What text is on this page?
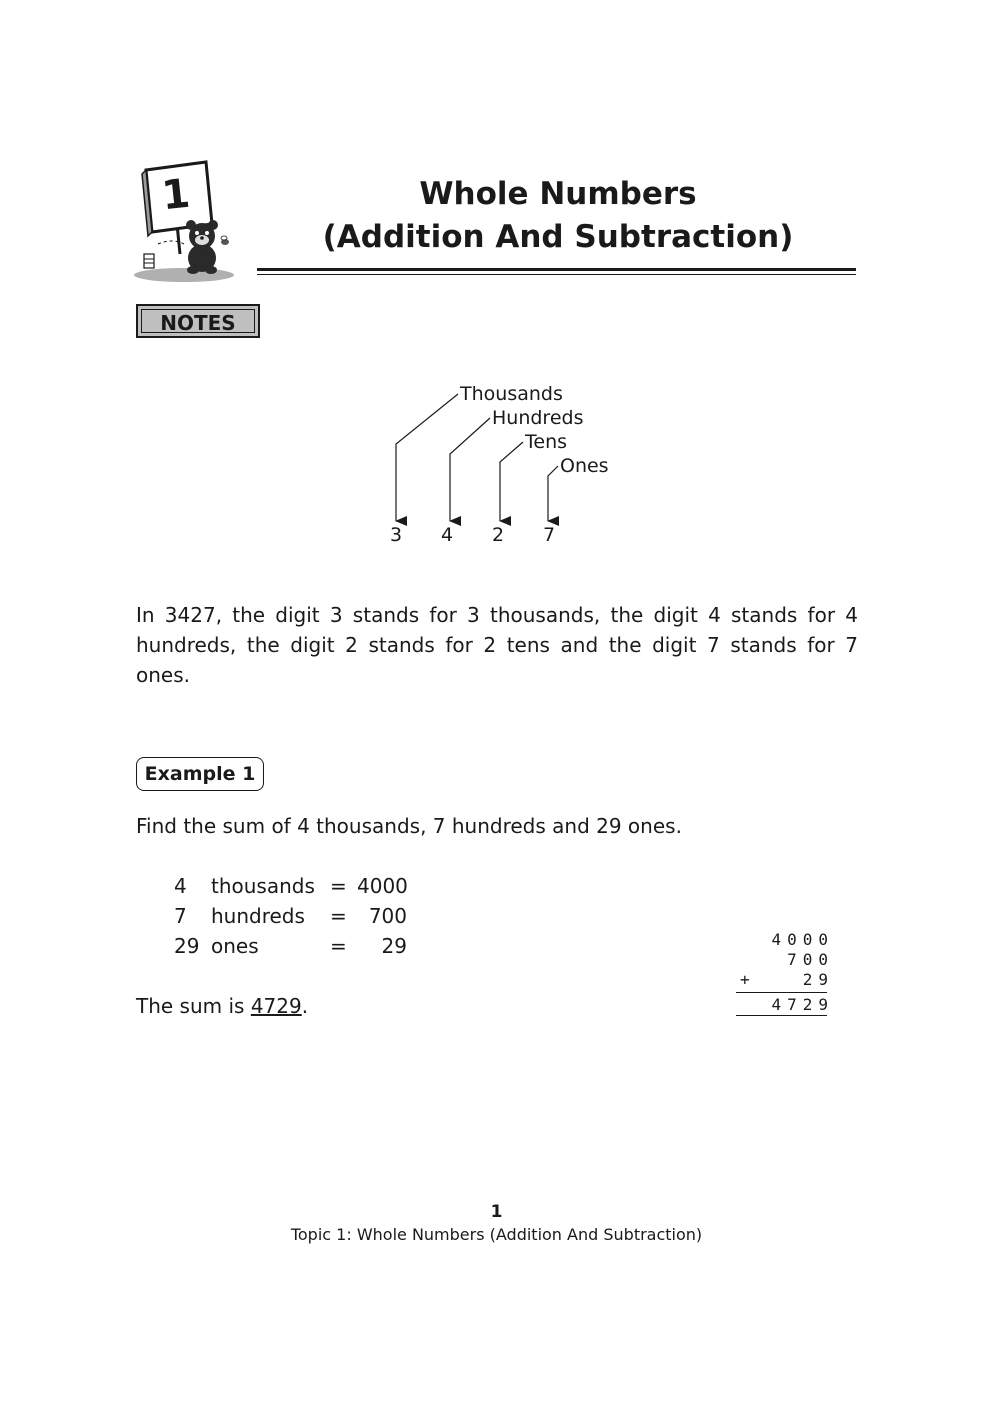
1	Whole Numbers
(Addition And Subtraction)
NOTES
Thousands
Hundreds
Tens
Ones
3 4 2 7
In 3427, the digit 3 stands for 3 thousands, the digit 4 stands for 4 hundreds, the digit 2 stands for 2 tens and the digit 7 stands for 7 ones.
Example 1
Find the sum of 4 thousands, 7 hundreds and 29 ones.
4 thousands = 4000
7 hundreds =	700
29 ones	=	29
The sum is 4729.
4000
700
+	29
4729
1
Topic 1: Whole Numbers (Addition And Subtraction)
